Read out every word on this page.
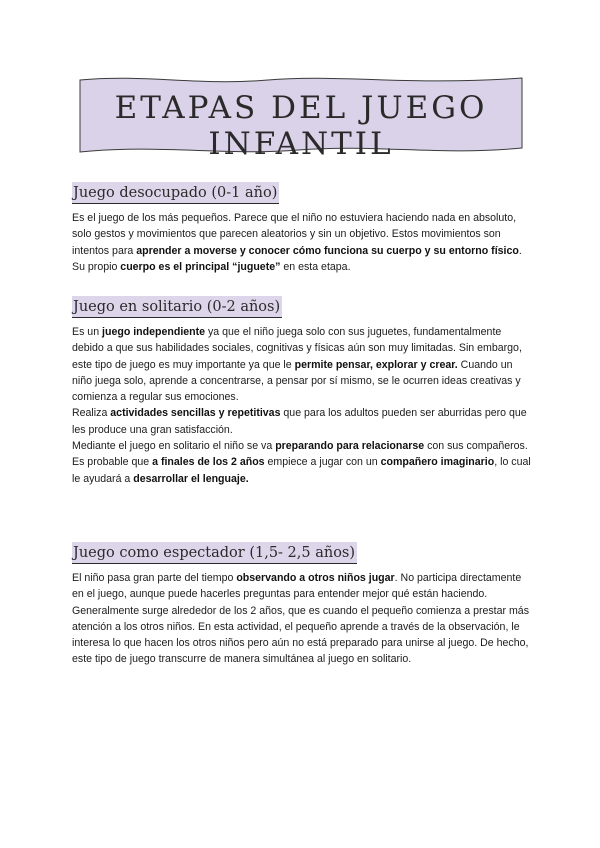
ETAPAS DEL JUEGO INFANTIL
Juego desocupado (0-1 año)

Es el juego de los más pequeños. Parece que el niño no estuviera haciendo nada en absoluto, solo gestos y movimientos que parecen aleatorios y sin un objetivo. Estos movimientos son intentos para aprender a moverse y conocer cómo funciona su cuerpo y su entorno físico. Su propio cuerpo es el principal “juguete” en esta etapa.

Juego en solitario (0-2 años)

Es un juego independiente ya que el niño juega solo con sus juguetes, fundamentalmente debido a que sus habilidades sociales, cognitivas y físicas aún son muy limitadas. Sin embargo, este tipo de juego es muy importante ya que le permite pensar, explorar y crear. Cuando un niño juega solo, aprende a concentrarse, a pensar por sí mismo, se le ocurren ideas creativas y comienza a regular sus emociones.

Realiza actividades sencillas y repetitivas que para los adultos pueden ser aburridas pero que les produce una gran satisfacción.

Mediante el juego en solitario el niño se va preparando para relacionarse con sus compañeros.

Es probable que a finales de los 2 años empiece a jugar con un compañero imaginario, lo cual le ayudará a desarrollar el lenguaje.

Juego como espectador (1,5- 2,5 años)

El niño pasa gran parte del tiempo observando a otros niños jugar. No participa directamente en el juego, aunque puede hacerles preguntas para entender mejor qué están haciendo.

Generalmente surge alrededor de los 2 años, que es cuando el pequeño comienza a prestar más atención a los otros niños. En esta actividad, el pequeño aprende a través de la observación, le interesa lo que hacen los otros niños pero aún no está preparado para unirse al juego. De hecho, este tipo de juego transcurre de manera simultánea al juego en solitario.
